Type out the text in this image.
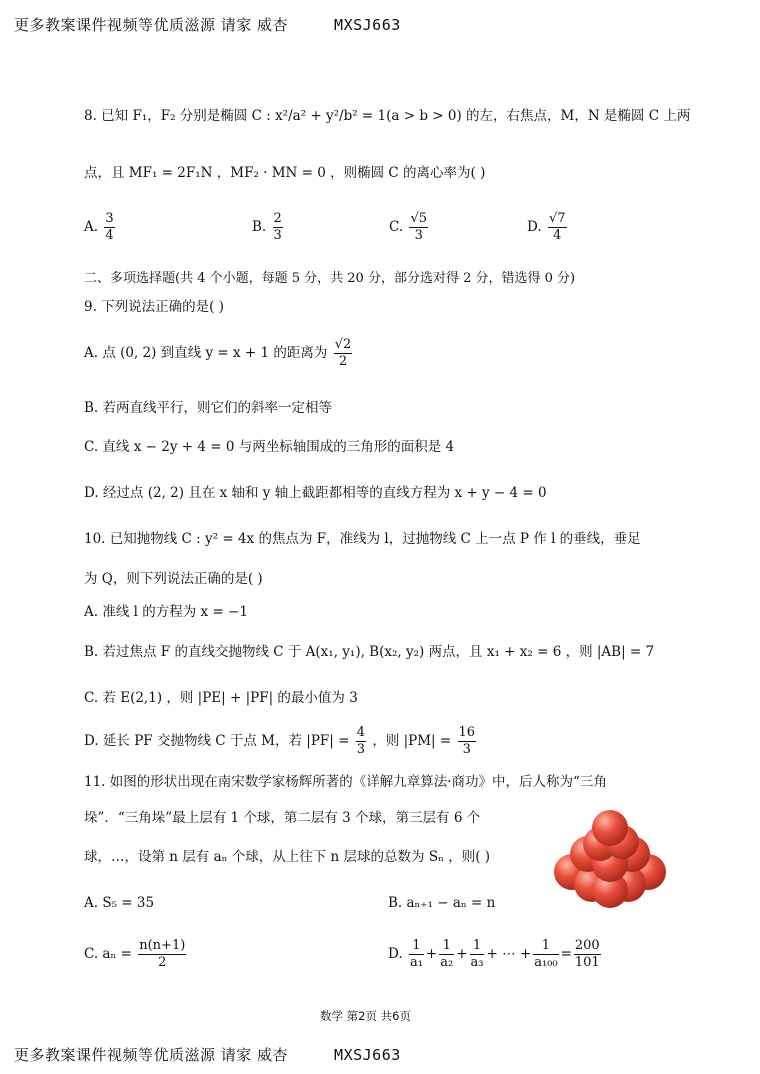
更多教案课件视频等优质滋源 请家 威杏	MXSJ663
8. 已知 F₁，F₂ 分别是椭圆 C : x²/a² + y²/b² = 1(a > b > 0) 的左，右焦点，M，N 是椭圆 C 上两
点，且 MF₁ = 2F₁N ，MF₂ · MN = 0 ，则椭圆 C 的离心率为( )
A. $\frac{3}{4}$	B. $\frac{2}{3}$	C. $\frac{√5}{3}$	D. $\frac{√7}{4}$
二、多项选择题(共 4 个小题，每题 5 分，共 20 分，部分选对得 2 分，错选得 0 分)
9. 下列说法正确的是( )
A. 点 (0, 2) 到直线 y = x + 1 的距离为 $\frac{√2}{2}$
B. 若两直线平行，则它们的斜率一定相等
C. 直线 x − 2y + 4 = 0 与两坐标轴围成的三角形的面积是 4
D. 经过点 (2, 2) 且在 x 轴和 y 轴上截距都相等的直线方程为 x + y − 4 = 0
10. 已知抛物线 C : y² = 4x 的焦点为 F，准线为 l，过抛物线 C 上一点 P 作 l 的垂线，垂足
为 Q，则下列说法正确的是( )
A. 准线 l 的方程为 x = −1
B. 若过焦点 F 的直线交抛物线 C 于 A(x₁, y₁), B(x₂, y₂) 两点，且 x₁ + x₂ = 6 ，则 |AB| = 7
C. 若 E(2,1) ，则 |PE| + |PF| 的最小值为 3
D. 延长 PF 交抛物线 C 于点 M，若 $|PF| = \frac{4}{3}$ ，则 $|PM| = \frac{16}{3}$
11. 如图的形状出现在南宋数学家杨辉所著的《详解九章算法·商功》中，后人称为“三角
垛”．“三角垛”最上层有 1 个球，第二层有 3 个球，第三层有 6 个
球，…，设第 n 层有 aₙ 个球，从上往下 n 层球的总数为 Sₙ ，则( )
A. S₅ = 35	B. aₙ₊₁ − aₙ = n
C. $a_n = \frac{n(n+1)}{2}$	D. $\frac{1}{\text{a₁}} + \frac{1}{\text{a₂}} + \frac{1}{\text{a₃}}$ + ⋯ + $\frac{1}{\text{a₁₀₀}} = \frac{200}{101}$
数学 第2页 共6页
更多教案课件视频等优质滋源 请家 威杏	MXSJ663
